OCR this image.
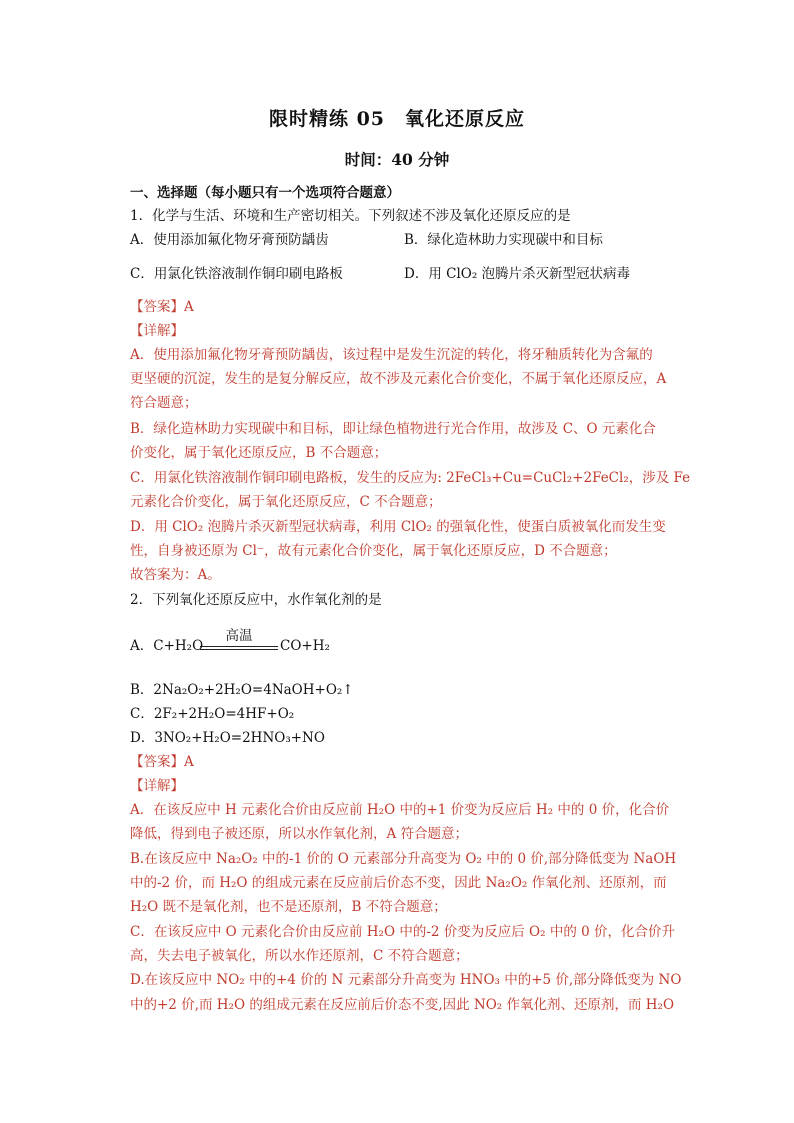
限时精练 05　氧化还原反应
时间：40 分钟
一、选择题（每小题只有一个选项符合题意）
1．化学与生活、环境和生产密切相关。下列叙述不涉及氧化还原反应的是
A．使用添加氟化物牙膏预防龋齿	B．绿化造林助力实现碳中和目标
C．用氯化铁溶液制作铜印刷电路板	D．用 ClO₂ 泡腾片杀灭新型冠状病毒
【答案】A
【详解】
A．使用添加氟化物牙膏预防龋齿，该过程中是发生沉淀的转化，将牙釉质转化为含氟的
更坚硬的沉淀，发生的是复分解反应，故不涉及元素化合价变化，不属于氧化还原反应，A
符合题意；
B．绿化造林助力实现碳中和目标，即让绿色植物进行光合作用，故涉及 C、O 元素化合
价变化，属于氧化还原反应，B 不合题意；
C．用氯化铁溶液制作铜印刷电路板，发生的反应为: 2FeCl₃+Cu=CuCl₂+2FeCl₂，涉及 Fe
元素化合价变化，属于氧化还原反应，C 不合题意；
D．用 ClO₂ 泡腾片杀灭新型冠状病毒，利用 ClO₂ 的强氧化性，使蛋白质被氧化而发生变
性，自身被还原为 Cl⁻，故有元素化合价变化，属于氧化还原反应，D 不合题意；
故答案为：A。
2．下列氧化还原反应中，水作氧化剂的是
A．C+H₂O
高温
CO+H₂
B．2Na₂O₂+2H₂O=4NaOH+O₂↑
C．2F₂+2H₂O=4HF+O₂
D．3NO₂+H₂O=2HNO₃+NO
【答案】A
【详解】
A．在该反应中 H 元素化合价由反应前 H₂O 中的+1 价变为反应后 H₂ 中的 0 价，化合价
降低，得到电子被还原，所以水作氧化剂，A 符合题意；
B.在该反应中 Na₂O₂ 中的-1 价的 O 元素部分升高变为 O₂ 中的 0 价,部分降低变为 NaOH
中的-2 价，而 H₂O 的组成元素在反应前后价态不变，因此 Na₂O₂ 作氧化剂、还原剂，而
H₂O 既不是氧化剂，也不是还原剂，B 不符合题意；
C．在该反应中 O 元素化合价由反应前 H₂O 中的-2 价变为反应后 O₂ 中的 0 价，化合价升
高，失去电子被氧化，所以水作还原剂，C 不符合题意；
D.在该反应中 NO₂ 中的+4 价的 N 元素部分升高变为 HNO₃ 中的+5 价,部分降低变为 NO
中的+2 价,而 H₂O 的组成元素在反应前后价态不变,因此 NO₂ 作氧化剂、还原剂，而 H₂O
